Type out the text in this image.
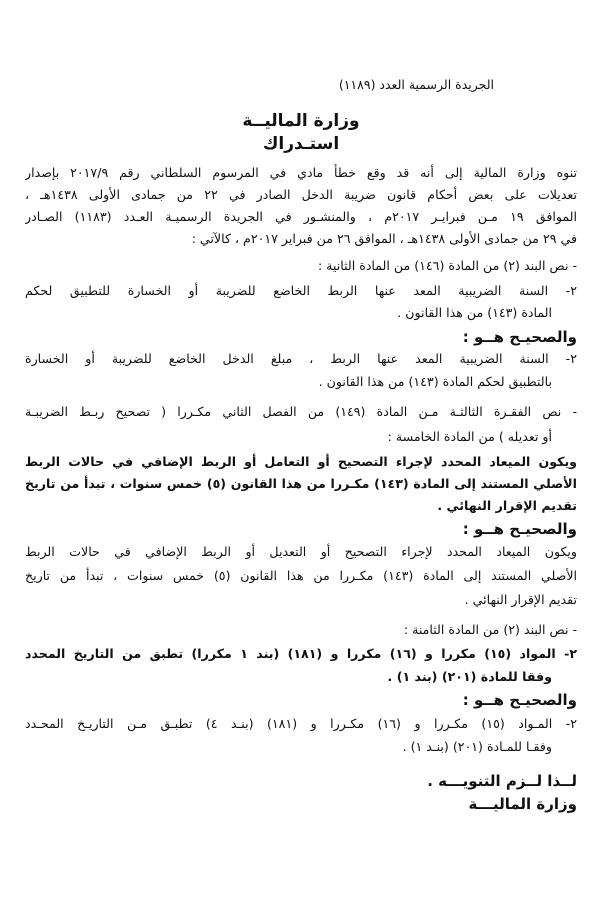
الجريدة الرسمية العدد (١١٨٩)

وزارة الماليــة

استـدراك

تنوه وزارة المالية إلى أنه قد وقع خطأ مادي في المرسوم السلطاني رقم ٢٠١٧/٩ بإصدار

تعديلات على بعض أحكام قانون ضريبة الدخل الصادر في ٢٢ من جمادى الأولى ١٤٣٨هـ ،

الموافق ١٩ مـن فبرايـر ٢٠١٧م ، والمنشـور في الجريدة الرسميـة العـدد (١١٨٣) الصـادر

في ٢٩ من جمادى الأولى ١٤٣٨هـ ، الموافق ٢٦ من فبراير ٢٠١٧م ، كالآتي :

- نص البند (٢) من المادة (١٤٦) من المادة الثانية :

٢- السنة الضريبية المعد عنها الربط الخاضع للضريبة أو الخسارة للتطبيق لحكم

المادة (١٤٣) من هذا القانون .

والصحيـح هــو :

٢- السنة الضريبية المعد عنها الربط ، مبلغ الدخل الخاضع للضريبة أو الخسارة

بالتطبيق لحكم المادة (١٤٣) من هذا القانون .

- نص الفقـرة الثالثـة مـن المادة (١٤٩) من الفصل الثاني مكـررا ( تصحيح ربـط الضريبـة

أو تعديله ) من المادة الخامسة :

ويكون الميعاد المحدد لإجراء التصحيح أو التعامل أو الربط الإضافي في حالات الربط

الأصلي المستند إلى المادة (١٤٣) مكـررا من هذا القانون (٥) خمس سنوات ، تبدأ من تاريخ

تقديم الإقرار النهائي .

والصحيـح هــو :

ويكون الميعاد المحدد لإجراء التصحيح أو التعديل أو الربط الإضافي في حالات الربط

الأصلي المستند إلى المادة (١٤٣) مكـررا من هذا القانون (٥) خمس سنوات ، تبدأ من تاريخ

تقديم الإقرار النهائي .

- نص البند (٢) من المادة الثامنة :

٢- المواد (١٥) مكررا و (١٦) مكررا و (١٨١) (بند ١ مكررا) تطبق من التاريخ المحدد

وفقا للمادة (٢٠١) (بند ١) .

والصحيـح هــو :

٢- المـواد (١٥) مكـررا و (١٦) مكـررا و (١٨١) (بنـد ٤) تطبـق مـن التاريـخ المحـدد

وفقـا للمـادة (٢٠١) (بنـد ١) .

لــذا لــزم التنويـــه .

وزارة الماليـــة
